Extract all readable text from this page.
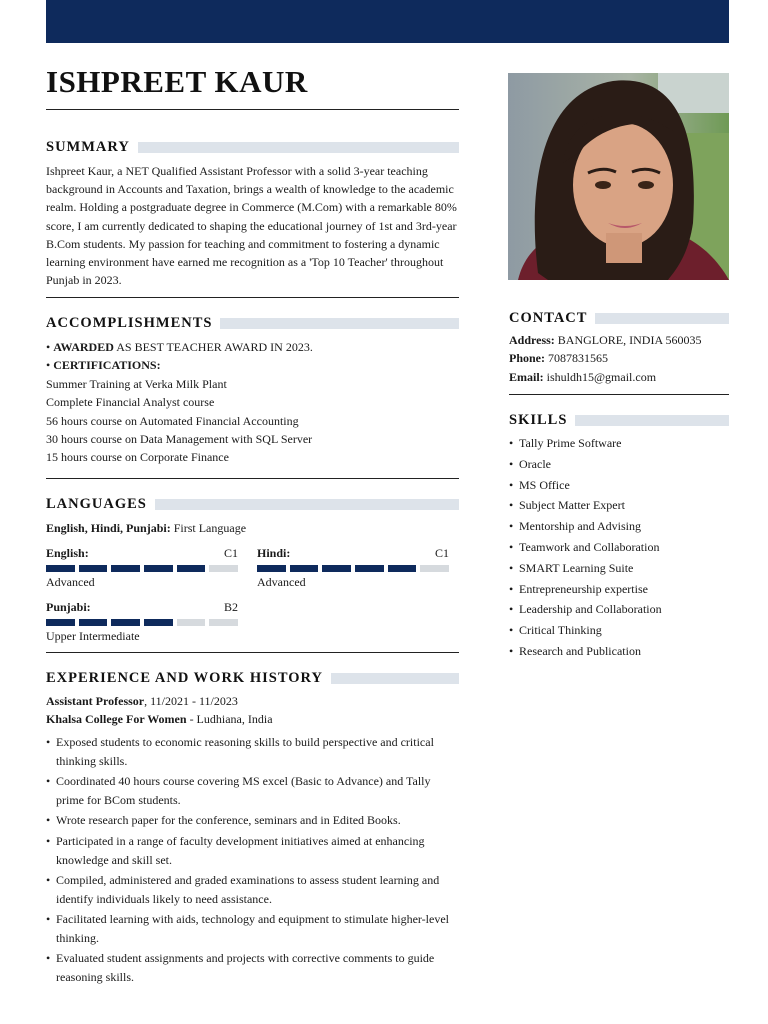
ISHPREET KAUR
SUMMARY
Ishpreet Kaur, a NET Qualified Assistant Professor with a solid 3-year teaching background in Accounts and Taxation, brings a wealth of knowledge to the academic realm. Holding a postgraduate degree in Commerce (M.Com) with a remarkable 80% score, I am currently dedicated to shaping the educational journey of 1st and 3rd-year B.Com students. My passion for teaching and commitment to fostering a dynamic learning environment have earned me recognition as a 'Top 10 Teacher' throughout Punjab in 2023.
ACCOMPLISHMENTS
• AWARDED AS BEST TEACHER AWARD IN 2023.
• CERTIFICATIONS:
Summer Training at Verka Milk Plant
Complete Financial Analyst course
56 hours course on Automated Financial Accounting
30 hours course on Data Management with SQL Server
15 hours course on Corporate Finance
LANGUAGES
English, Hindi, Punjabi: First Language
English:	C1
Advanced
Hindi:	C1
Advanced
Punjabi:	B2
Upper Intermediate
EXPERIENCE AND WORK HISTORY
Assistant Professor, 11/2021 - 11/2023
Khalsa College For Women - Ludhiana, India
• Exposed students to economic reasoning skills to build perspective and critical thinking skills.
• Coordinated 40 hours course covering MS excel (Basic to Advance) and Tally prime for BCom students.
• Wrote research paper for the conference, seminars and in Edited Books.
• Participated in a range of faculty development initiatives aimed at enhancing knowledge and skill set.
• Compiled, administered and graded examinations to assess student learning and identify individuals likely to need assistance.
• Facilitated learning with aids, technology and equipment to stimulate higher-level thinking.
• Evaluated student assignments and projects with corrective comments to guide reasoning skills.
CONTACT
Address: BANGLORE, INDIA 560035
Phone: 7087831565
Email: ishuldh15@gmail.com
SKILLS
• Tally Prime Software
• Oracle
• MS Office
• Subject Matter Expert
• Mentorship and Advising
• Teamwork and Collaboration
• SMART Learning Suite
• Entrepreneurship expertise
• Leadership and Collaboration
• Critical Thinking
• Research and Publication
